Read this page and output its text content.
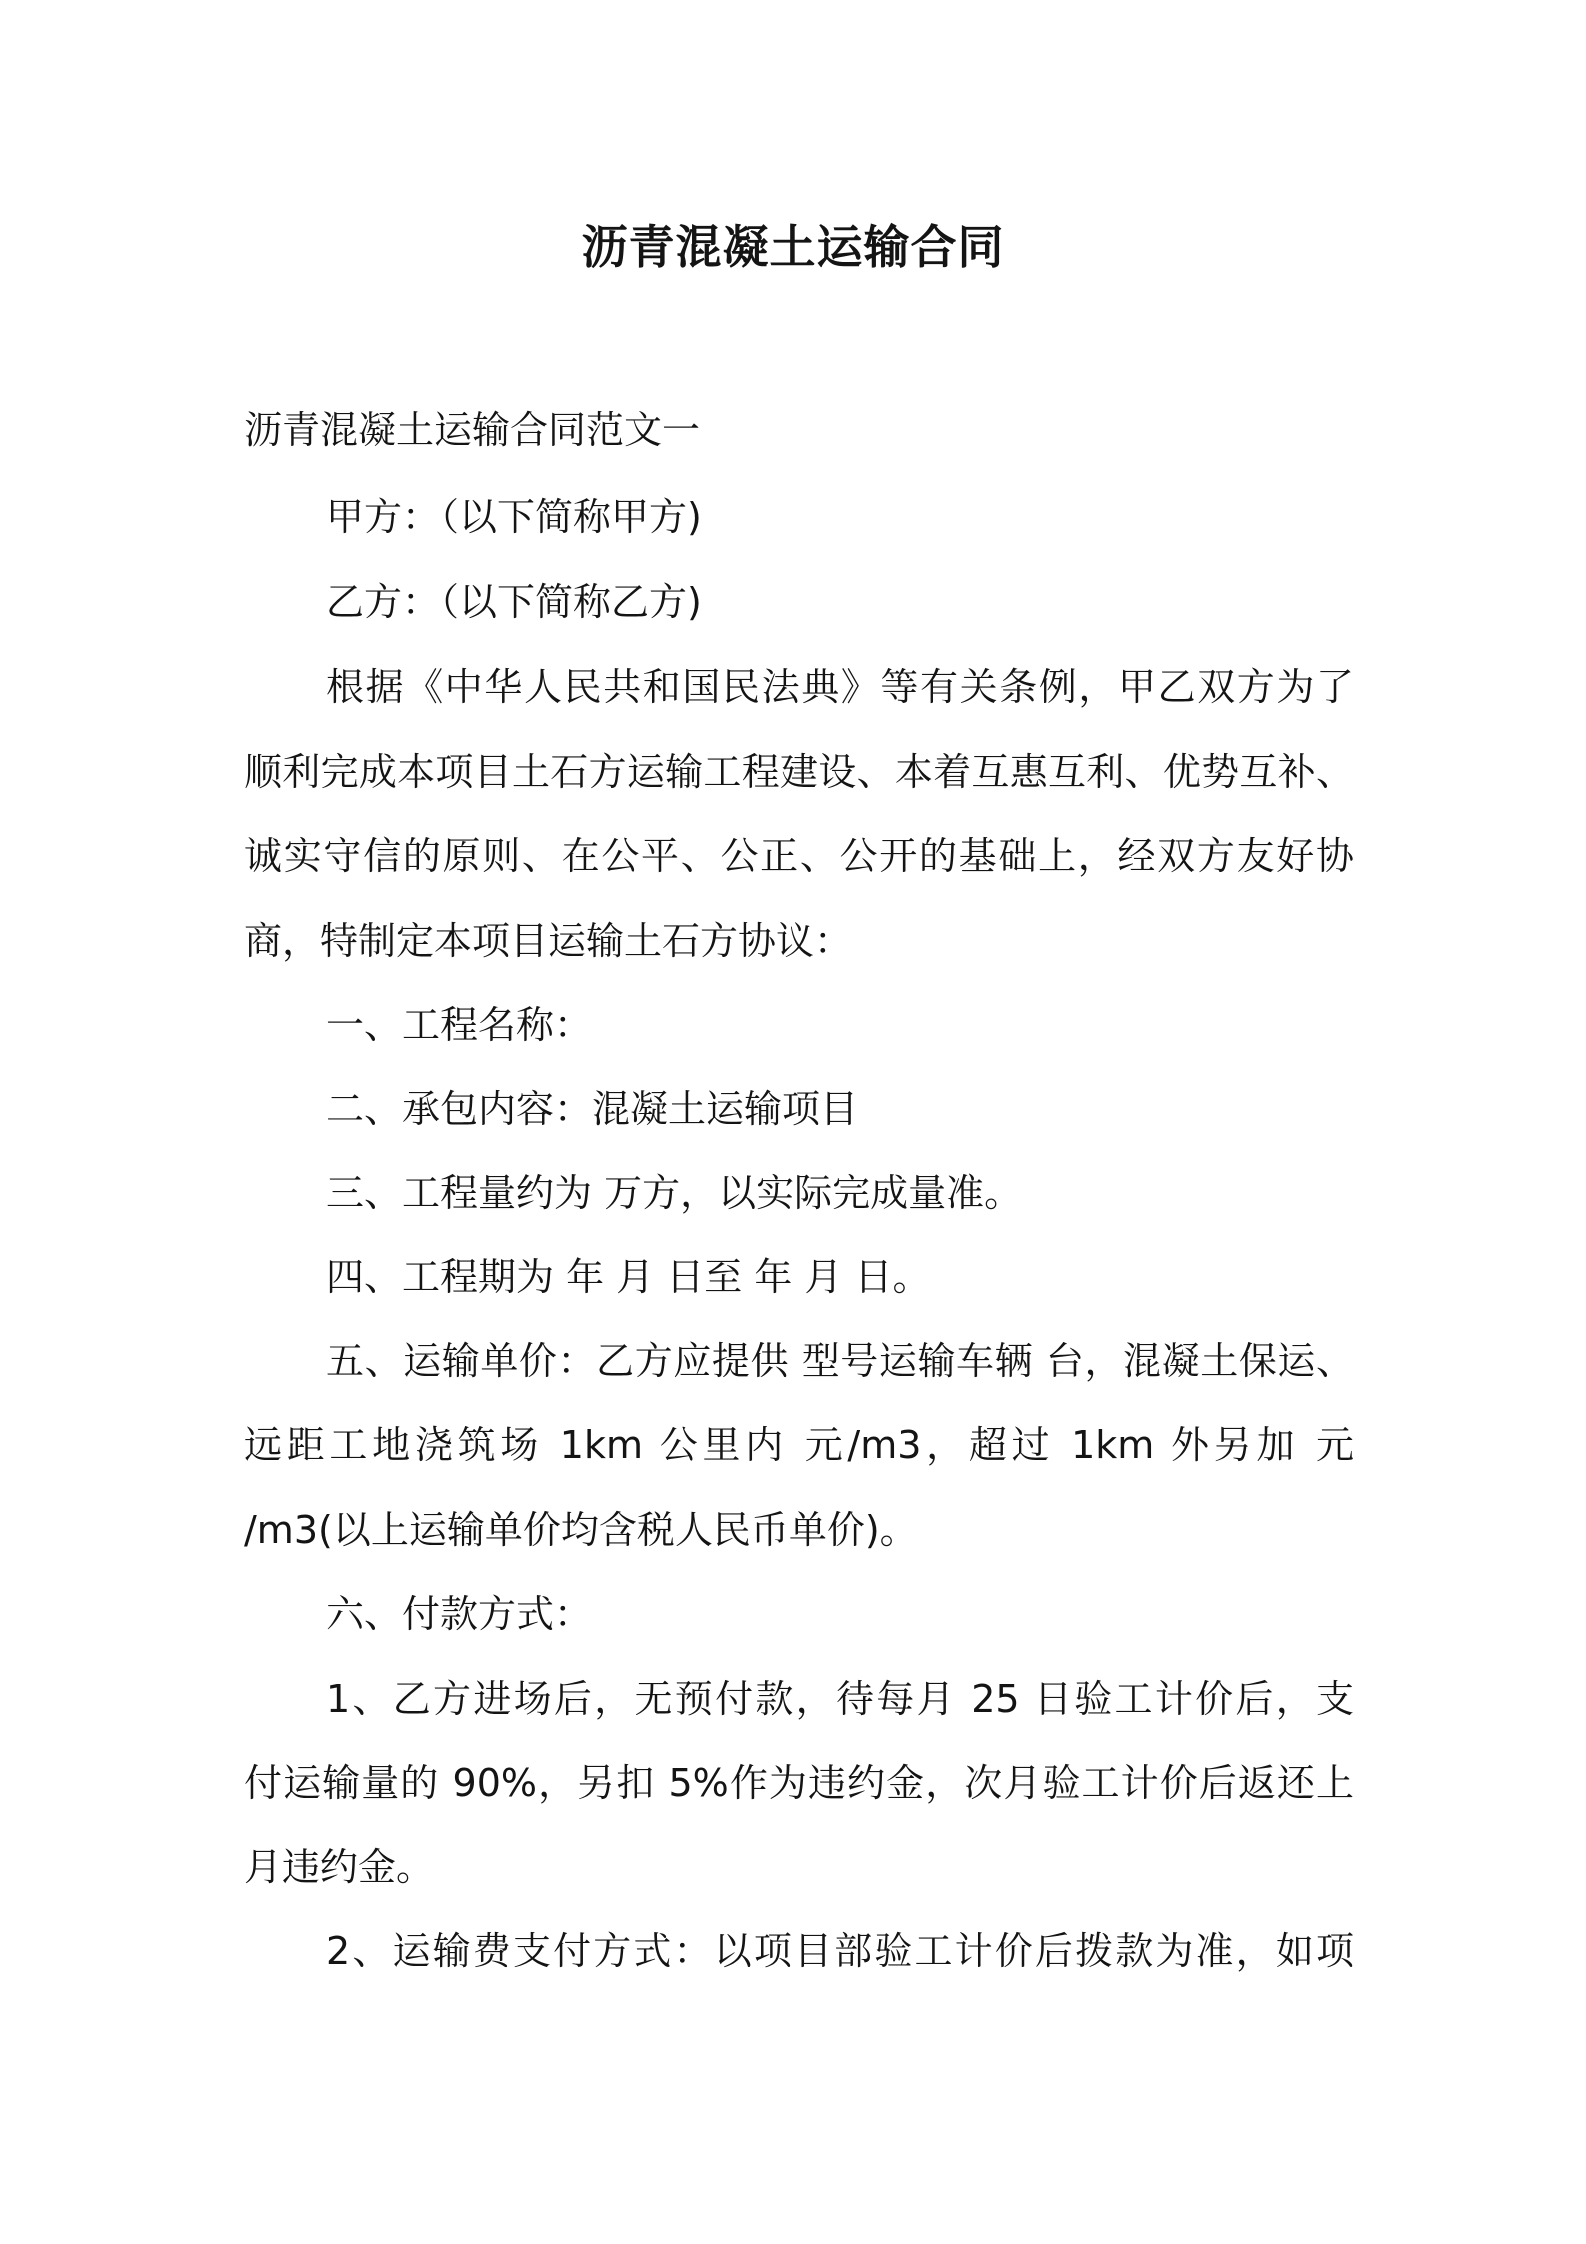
沥青混凝土运输合同
沥青混凝土运输合同范文一
甲方：（以下简称甲方)
乙方：（以下简称乙方)
根据《中华人民共和国民法典》等有关条例，甲乙双方为了
顺利完成本项目土石方运输工程建设、本着互惠互利、优势互补、
诚实守信的原则、在公平、公正、公开的基础上，经双方友好协
商，特制定本项目运输土石方协议：
一、工程名称：
二、承包内容：混凝土运输项目
三、工程量约为 万方，以实际完成量准。
四、工程期为 年 月 日至 年 月 日。
五、运输单价：乙方应提供 型号运输车辆 台，混凝土保运、
远距工地浇筑场 1km 公里内 元/m3，超过 1km 外另加 元
/m3(以上运输单价均含税人民币单价)。
六、付款方式：
1、乙方进场后，无预付款，待每月 25 日验工计价后，支
付运输量的 90%，另扣 5%作为违约金，次月验工计价后返还上
月违约金。
2、运输费支付方式：以项目部验工计价后拨款为准，如项
